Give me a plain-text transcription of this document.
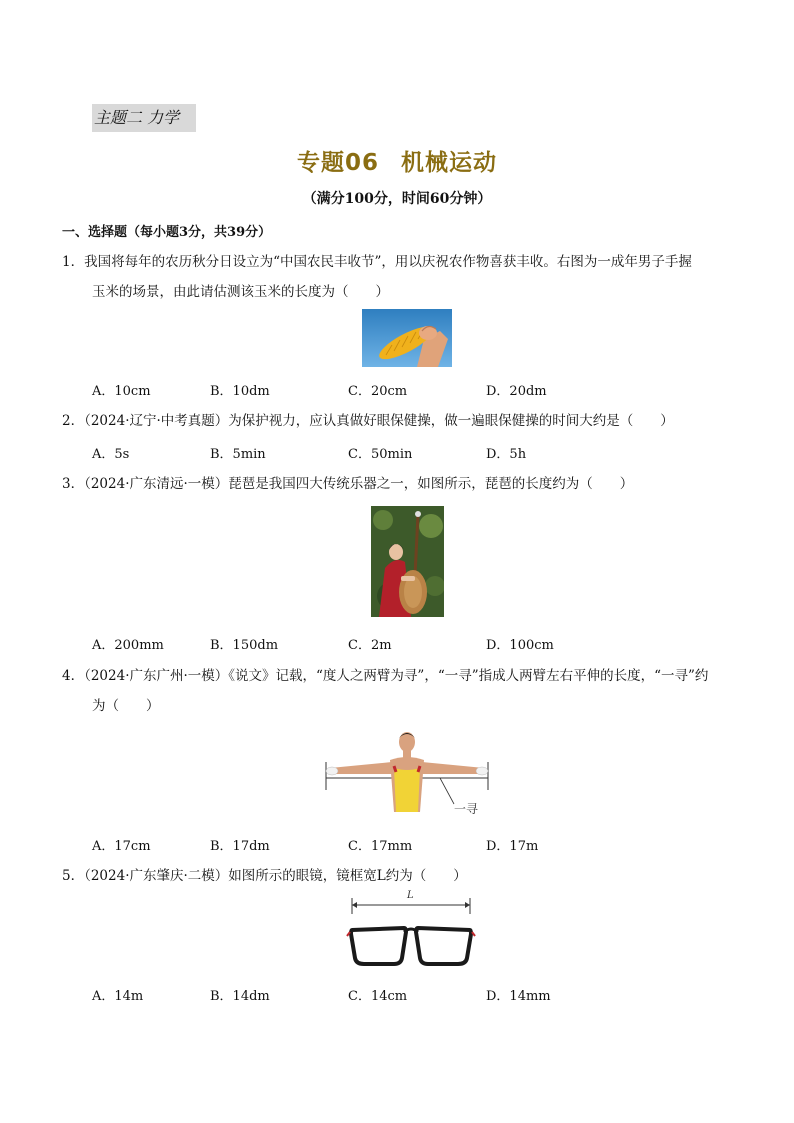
主题二 力学
专题06 机械运动
（满分100分，时间60分钟）
一、选择题（每小题3分，共39分）
1．我国将每年的农历秋分日设立为“中国农民丰收节”，用以庆祝农作物喜获丰收。右图为一成年男子手握
玉米的场景，由此请估测该玉米的长度为（　　）
A．10cm	B．10dm	C．20cm	D．20dm
2．（2024·辽宁·中考真题）为保护视力，应认真做好眼保健操，做一遍眼保健操的时间大约是（　　）
A．5s	B．5min	C．50min	D．5h
3．（2024·广东清远·一模）琵琶是我国四大传统乐器之一，如图所示，琵琶的长度约为（　　）
A．200mm	B．150dm	C．2m	D．100cm
4．（2024·广东广州·一模）《说文》记载，“度人之两臂为寻”，“一寻”指成人两臂左右平伸的长度，“一寻”约
为（　　）
一寻
A．17cm	B．17dm	C．17mm	D．17m
5．（2024·广东肇庆·二模）如图所示的眼镜，镜框宽L约为（　　）
L
A．14m	B．14dm	C．14cm	D．14mm
